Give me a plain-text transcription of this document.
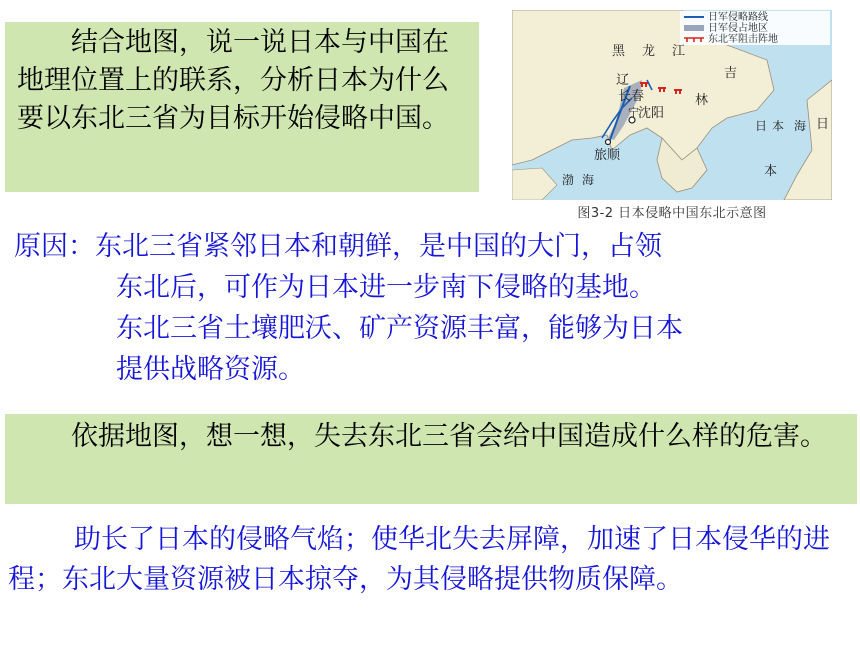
结合地图，说一说日本与中国在地理位置上的联系，分析日本为什么要以东北三省为目标开始侵略中国。
日军侵略路线
日军侵占地区
东北军阻击阵地
黑 龙 江
吉
林
辽
宁
长春
沈阳
旅顺
日 本 海
渤 海
日
本
图3-2 日本侵略中国东北示意图
原因：东北三省紧邻日本和朝鲜，是中国的大门，占领
东北后，可作为日本进一步南下侵略的基地。
东北三省土壤肥沃、矿产资源丰富，能够为日本
提供战略资源。
依据地图，想一想，失去东北三省会给中国造成什么样的危害。
助长了日本的侵略气焰；使华北失去屏障，加速了日本侵华的进程；东北大量资源被日本掠夺，为其侵略提供物质保障。
